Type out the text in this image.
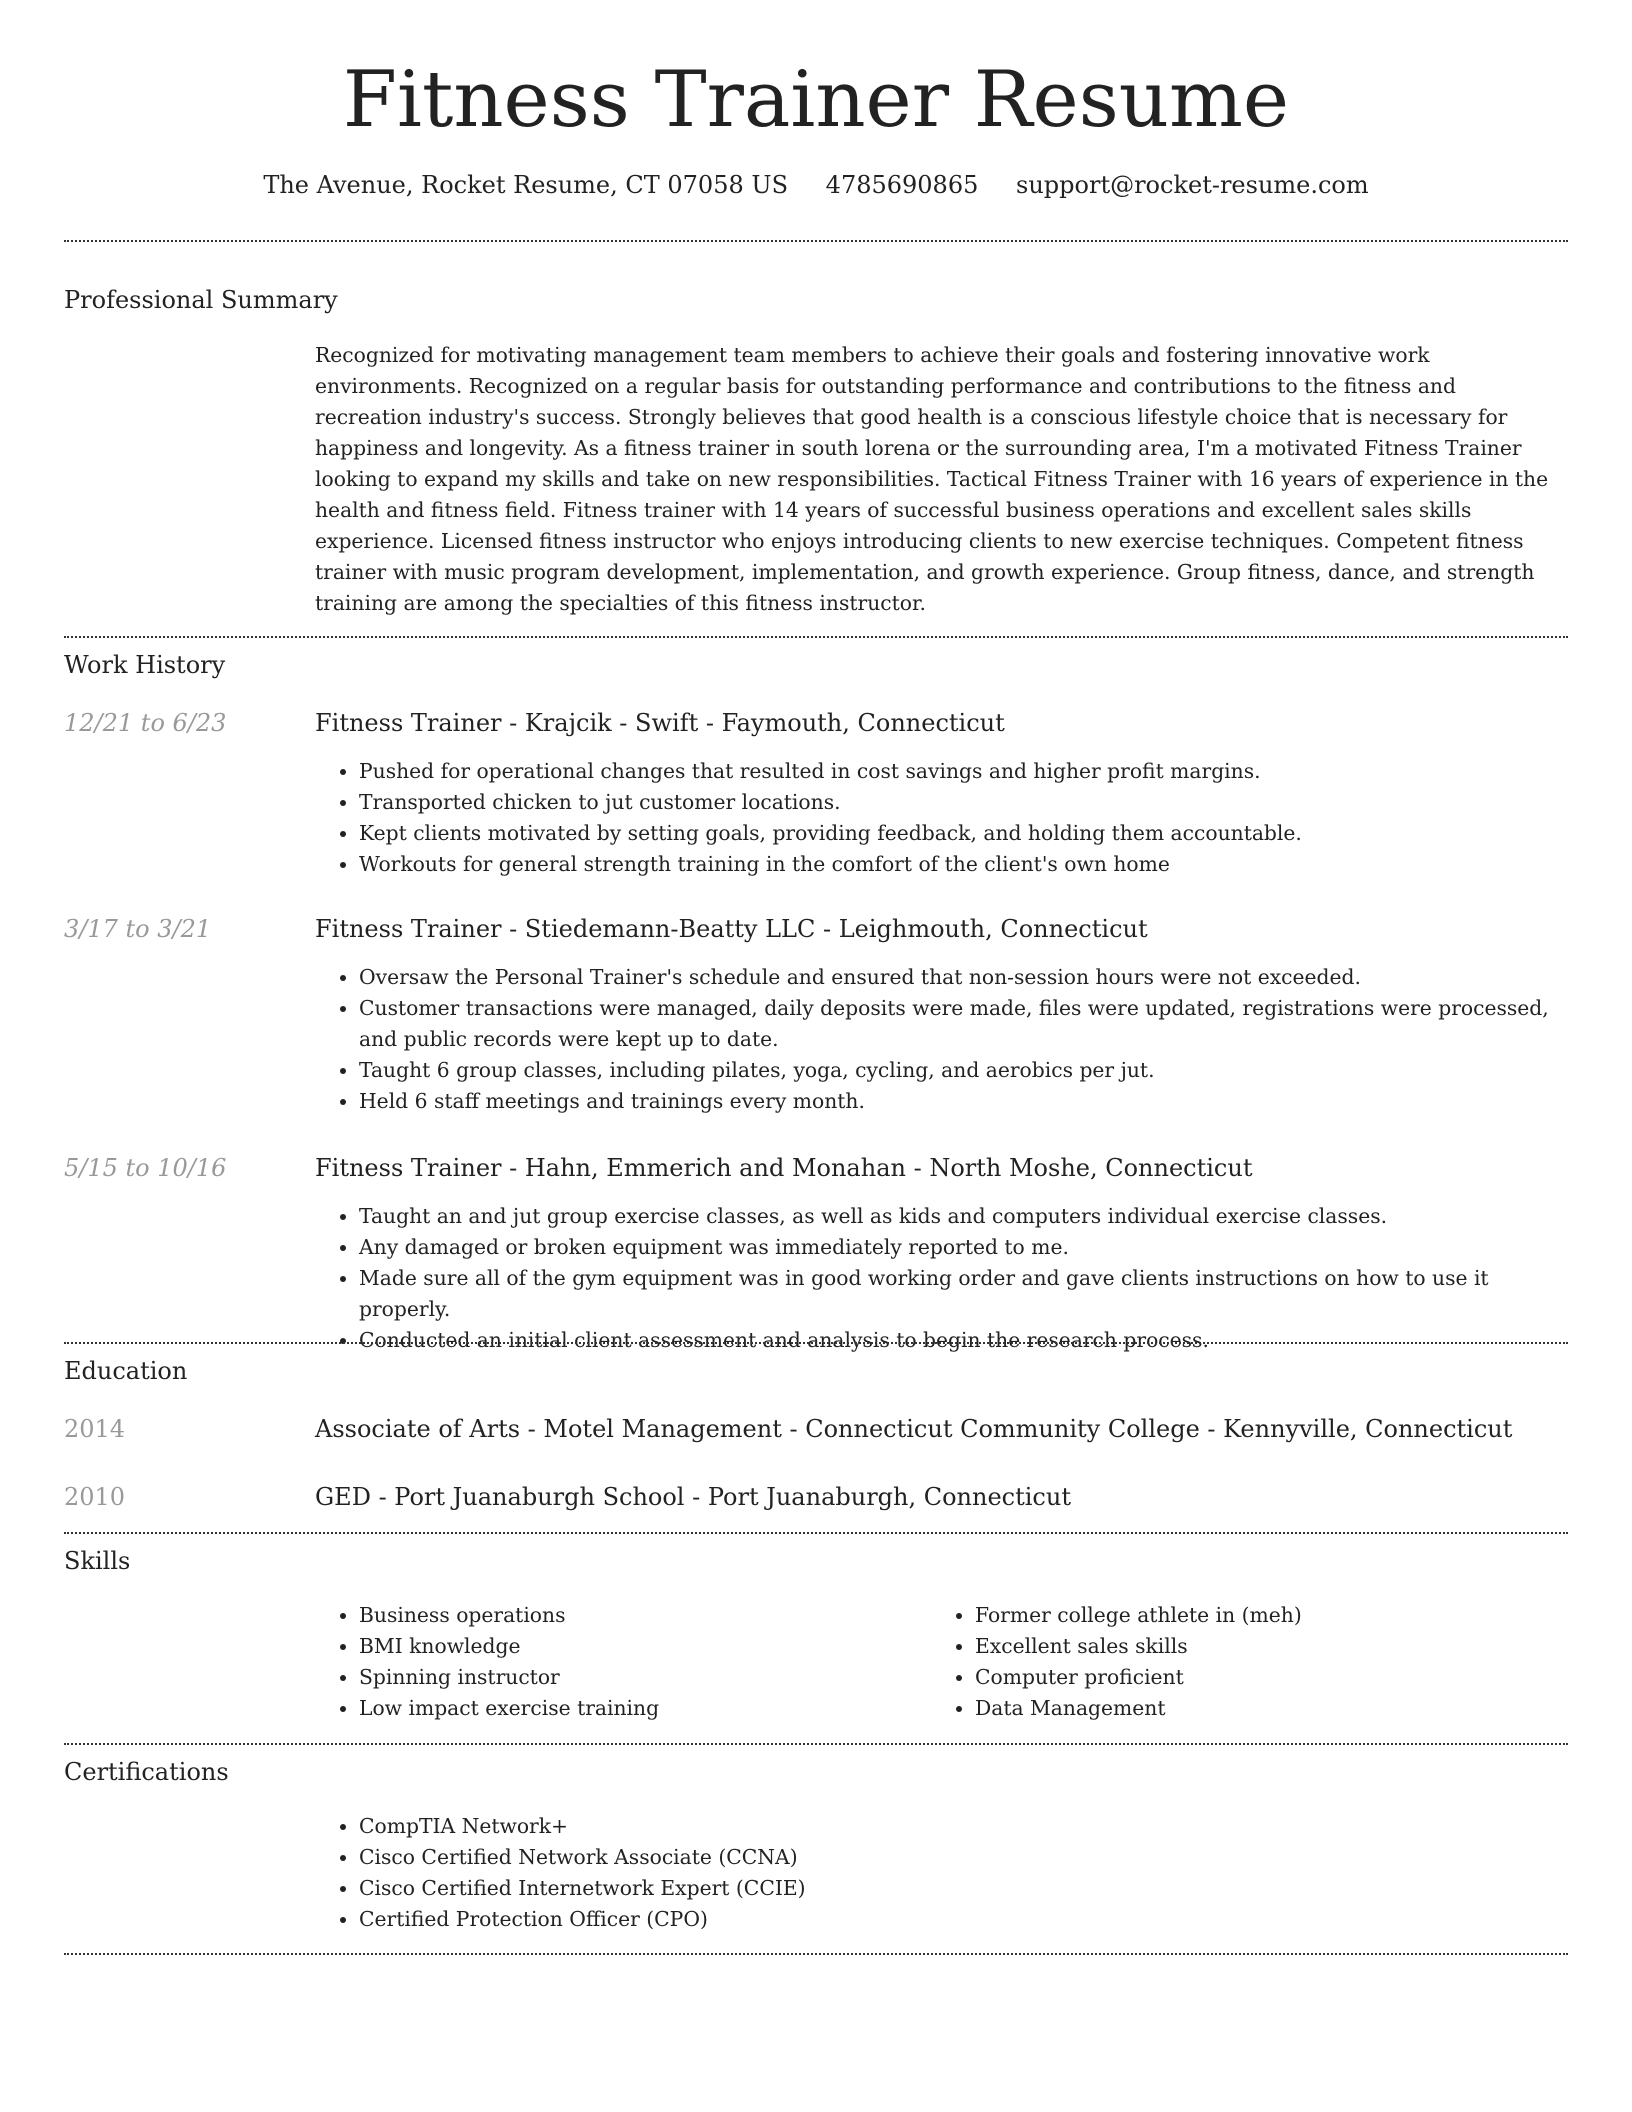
Fitness Trainer Resume
The Avenue, Rocket Resume, CT 07058 US 4785690865 support@rocket-resume.com
Professional Summary

Recognized for motivating management team members to achieve their goals and fostering innovative work environments. Recognized on a regular basis for outstanding performance and contributions to the fitness and recreation industry's success. Strongly believes that good health is a conscious lifestyle choice that is necessary for happiness and longevity. As a fitness trainer in south lorena or the surrounding area, I'm a motivated Fitness Trainer looking to expand my skills and take on new responsibilities. Tactical Fitness Trainer with 16 years of experience in the health and fitness field. Fitness trainer with 14 years of successful business operations and excellent sales skills experience. Licensed fitness instructor who enjoys introducing clients to new exercise techniques. Competent fitness trainer with music program development, implementation, and growth experience. Group fitness, dance, and strength training are among the specialties of this fitness instructor.

Work History
12/21 to 6/23	Fitness Trainer - Krajcik - Swift - Faymouth, Connecticut
• Pushed for operational changes that resulted in cost savings and higher profit margins.
• Transported chicken to jut customer locations.
• Kept clients motivated by setting goals, providing feedback, and holding them accountable.
• Workouts for general strength training in the comfort of the client's own home
3/17 to 3/21	Fitness Trainer - Stiedemann-Beatty LLC - Leighmouth, Connecticut
• Oversaw the Personal Trainer's schedule and ensured that non-session hours were not exceeded.
• Customer transactions were managed, daily deposits were made, files were updated, registrations were processed, and public records were kept up to date.
• Taught 6 group classes, including pilates, yoga, cycling, and aerobics per jut.
• Held 6 staff meetings and trainings every month.
5/15 to 10/16	Fitness Trainer - Hahn, Emmerich and Monahan - North Moshe, Connecticut
• Taught an and jut group exercise classes, as well as kids and computers individual exercise classes.
• Any damaged or broken equipment was immediately reported to me.
• Made sure all of the gym equipment was in good working order and gave clients instructions on how to use it properly.
• Conducted an initial client assessment and analysis to begin the research process.
Education
2014	Associate of Arts - Motel Management - Connecticut Community College - Kennyville, Connecticut
2010	GED - Port Juanaburgh School - Port Juanaburgh, Connecticut
Skills
• Business operations
• BMI knowledge
• Spinning instructor
• Low impact exercise training
• Former college athlete in (meh)
• Excellent sales skills
• Computer proficient
• Data Management
Certifications
• CompTIA Network+
• Cisco Certified Network Associate (CCNA)
• Cisco Certified Internetwork Expert (CCIE)
• Certified Protection Officer (CPO)
